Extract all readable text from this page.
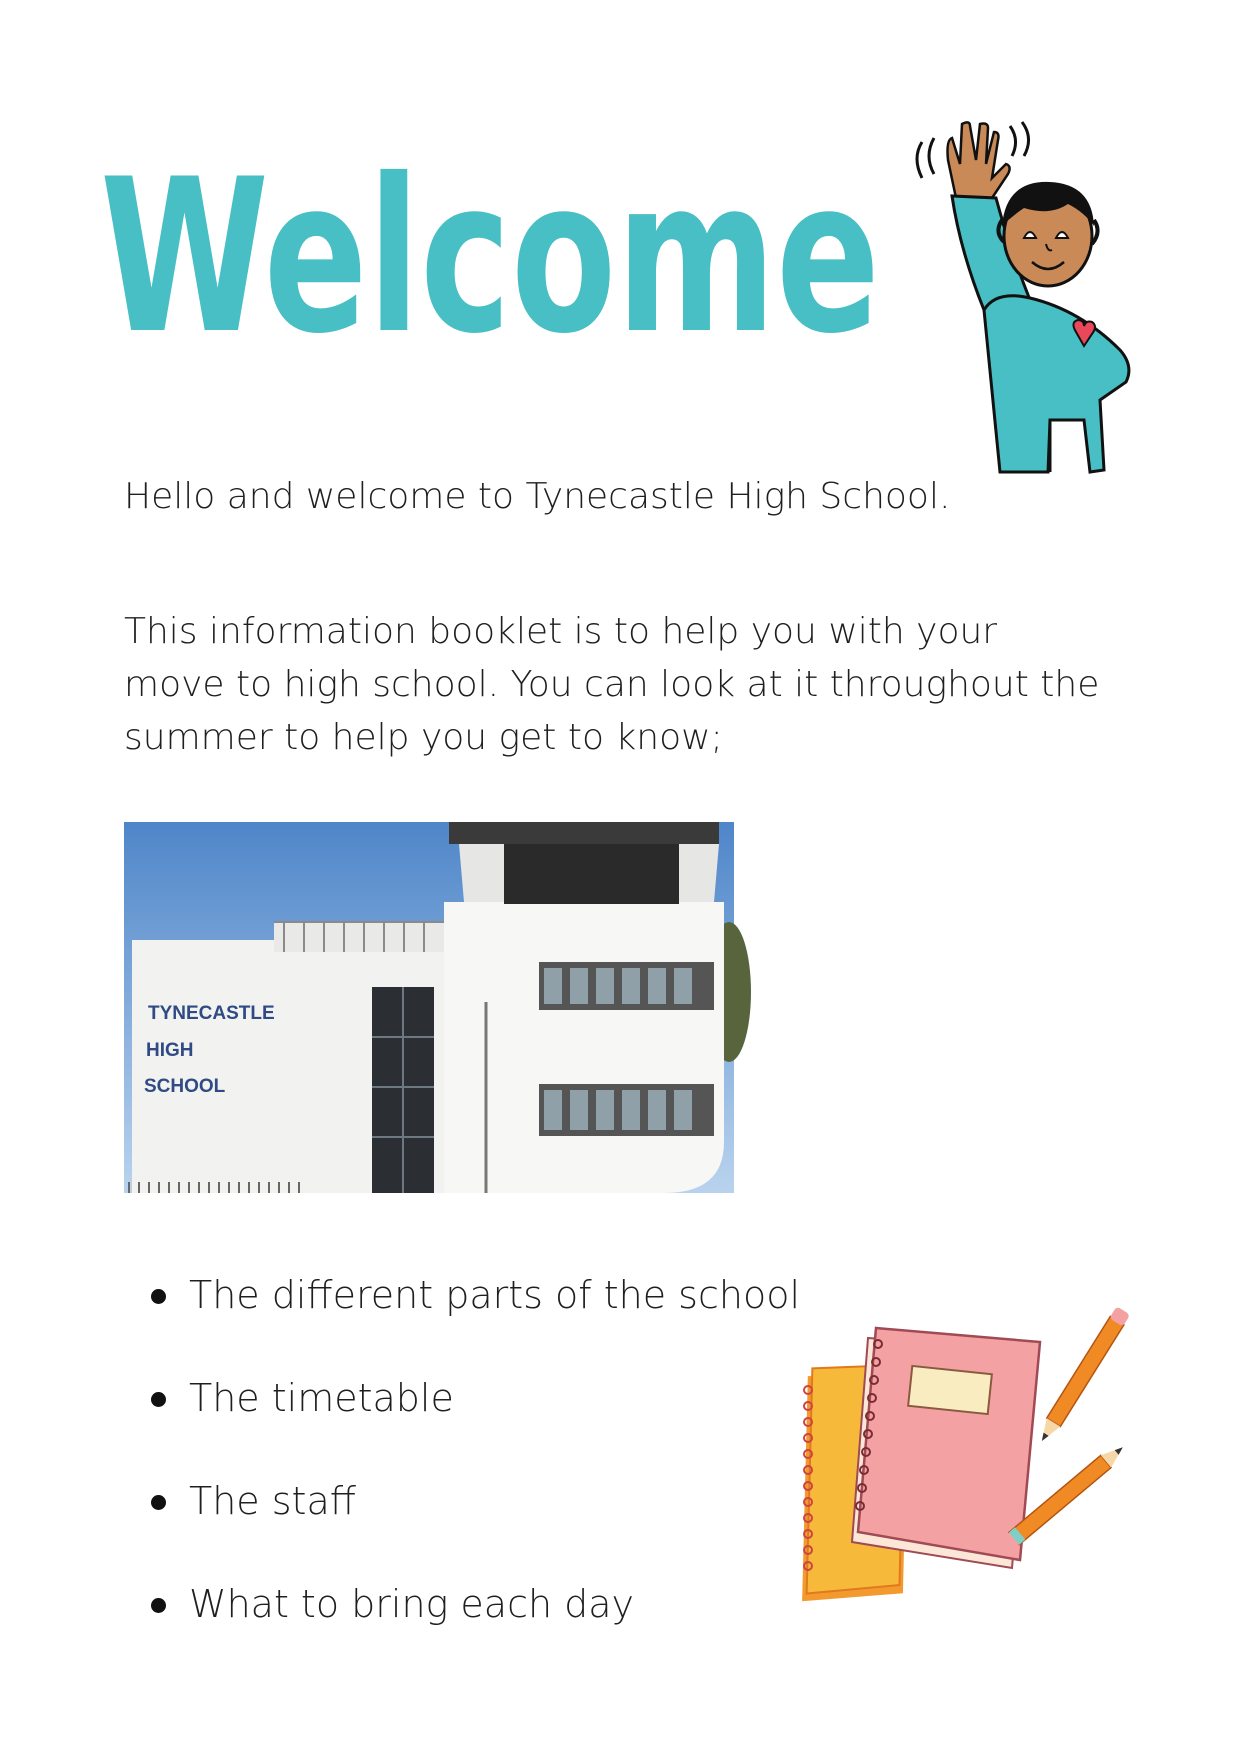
Welcome

Hello and welcome to Tynecastle High School.

This information booklet is to help you with your move to high school. You can look at it throughout the summer to help you get to know;

TYNECASTLE
HIGH
SCHOOL
The different parts of the school
The timetable
The staff
What to bring each day
